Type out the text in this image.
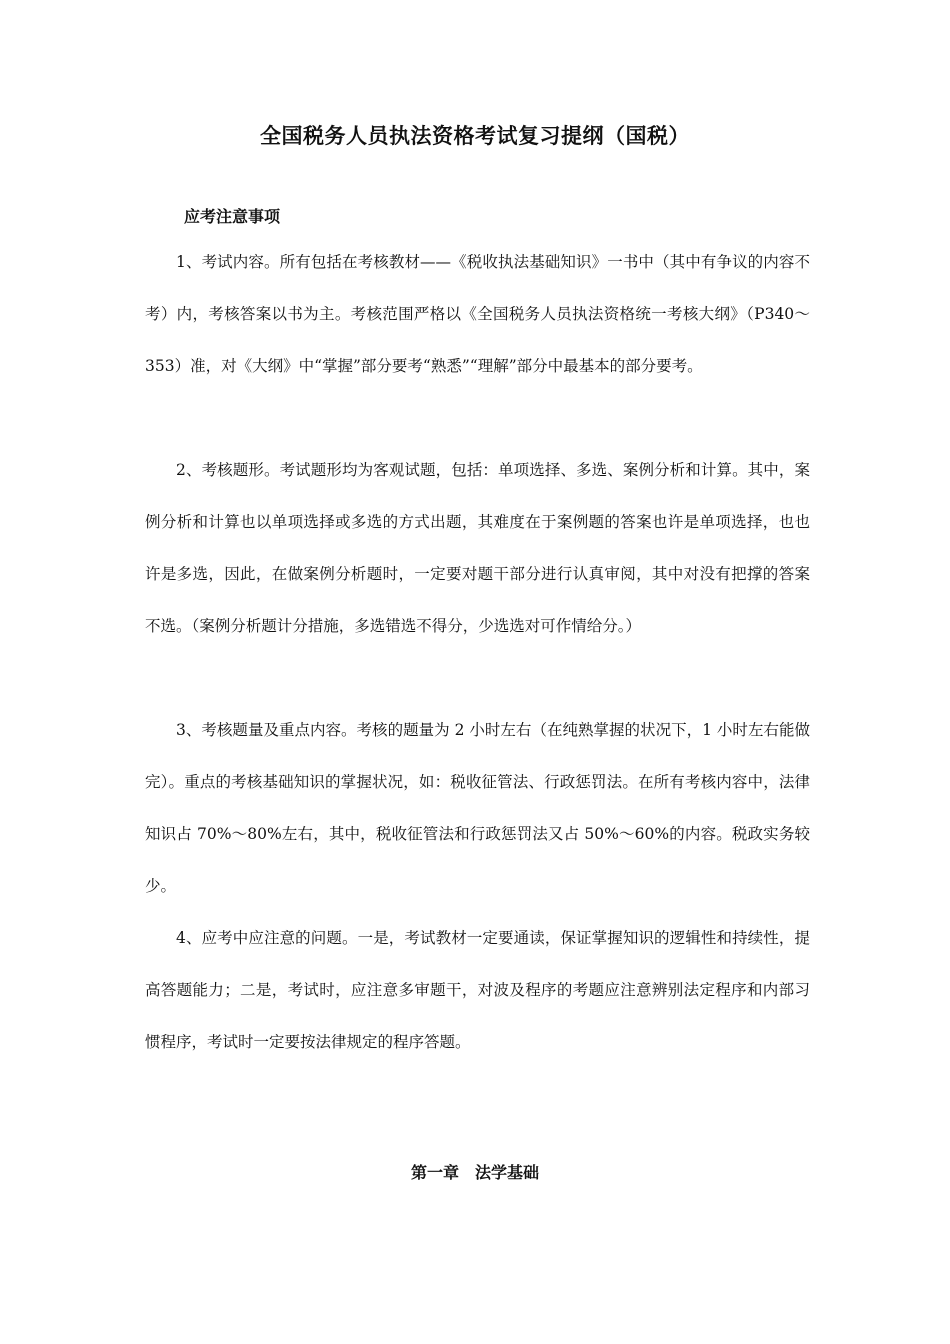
全国税务人员执法资格考试复习提纲（国税）
应考注意事项

1、考试内容。所有包括在考核教材——《税收执法基础知识》一书中（其中有争议的内容不考）内，考核答案以书为主。考核范围严格以《全国税务人员执法资格统一考核大纲》（P340～353）准，对《大纲》中“掌握”部分要考“熟悉”“理解”部分中最基本的部分要考。

2、考核题形。考试题形均为客观试题，包括：单项选择、多选、案例分析和计算。其中，案例分析和计算也以单项选择或多选的方式出题，其难度在于案例题的答案也许是单项选择，也也许是多选，因此，在做案例分析题时，一定要对题干部分进行认真审阅，其中对没有把撑的答案不选。（案例分析题计分措施，多选错选不得分，少选选对可作情给分。）

3、考核题量及重点内容。考核的题量为 2 小时左右（在纯熟掌握的状况下，1 小时左右能做完）。重点的考核基础知识的掌握状况，如：税收征管法、行政惩罚法。在所有考核内容中，法律知识占 70%～80%左右，其中，税收征管法和行政惩罚法又占 50%～60%的内容。税政实务较少。

4、应考中应注意的问题。一是，考试教材一定要通读，保证掌握知识的逻辑性和持续性，提高答题能力；二是，考试时，应注意多审题干，对波及程序的考题应注意辨别法定程序和内部习惯程序，考试时一定要按法律规定的程序答题。

第一章　法学基础
